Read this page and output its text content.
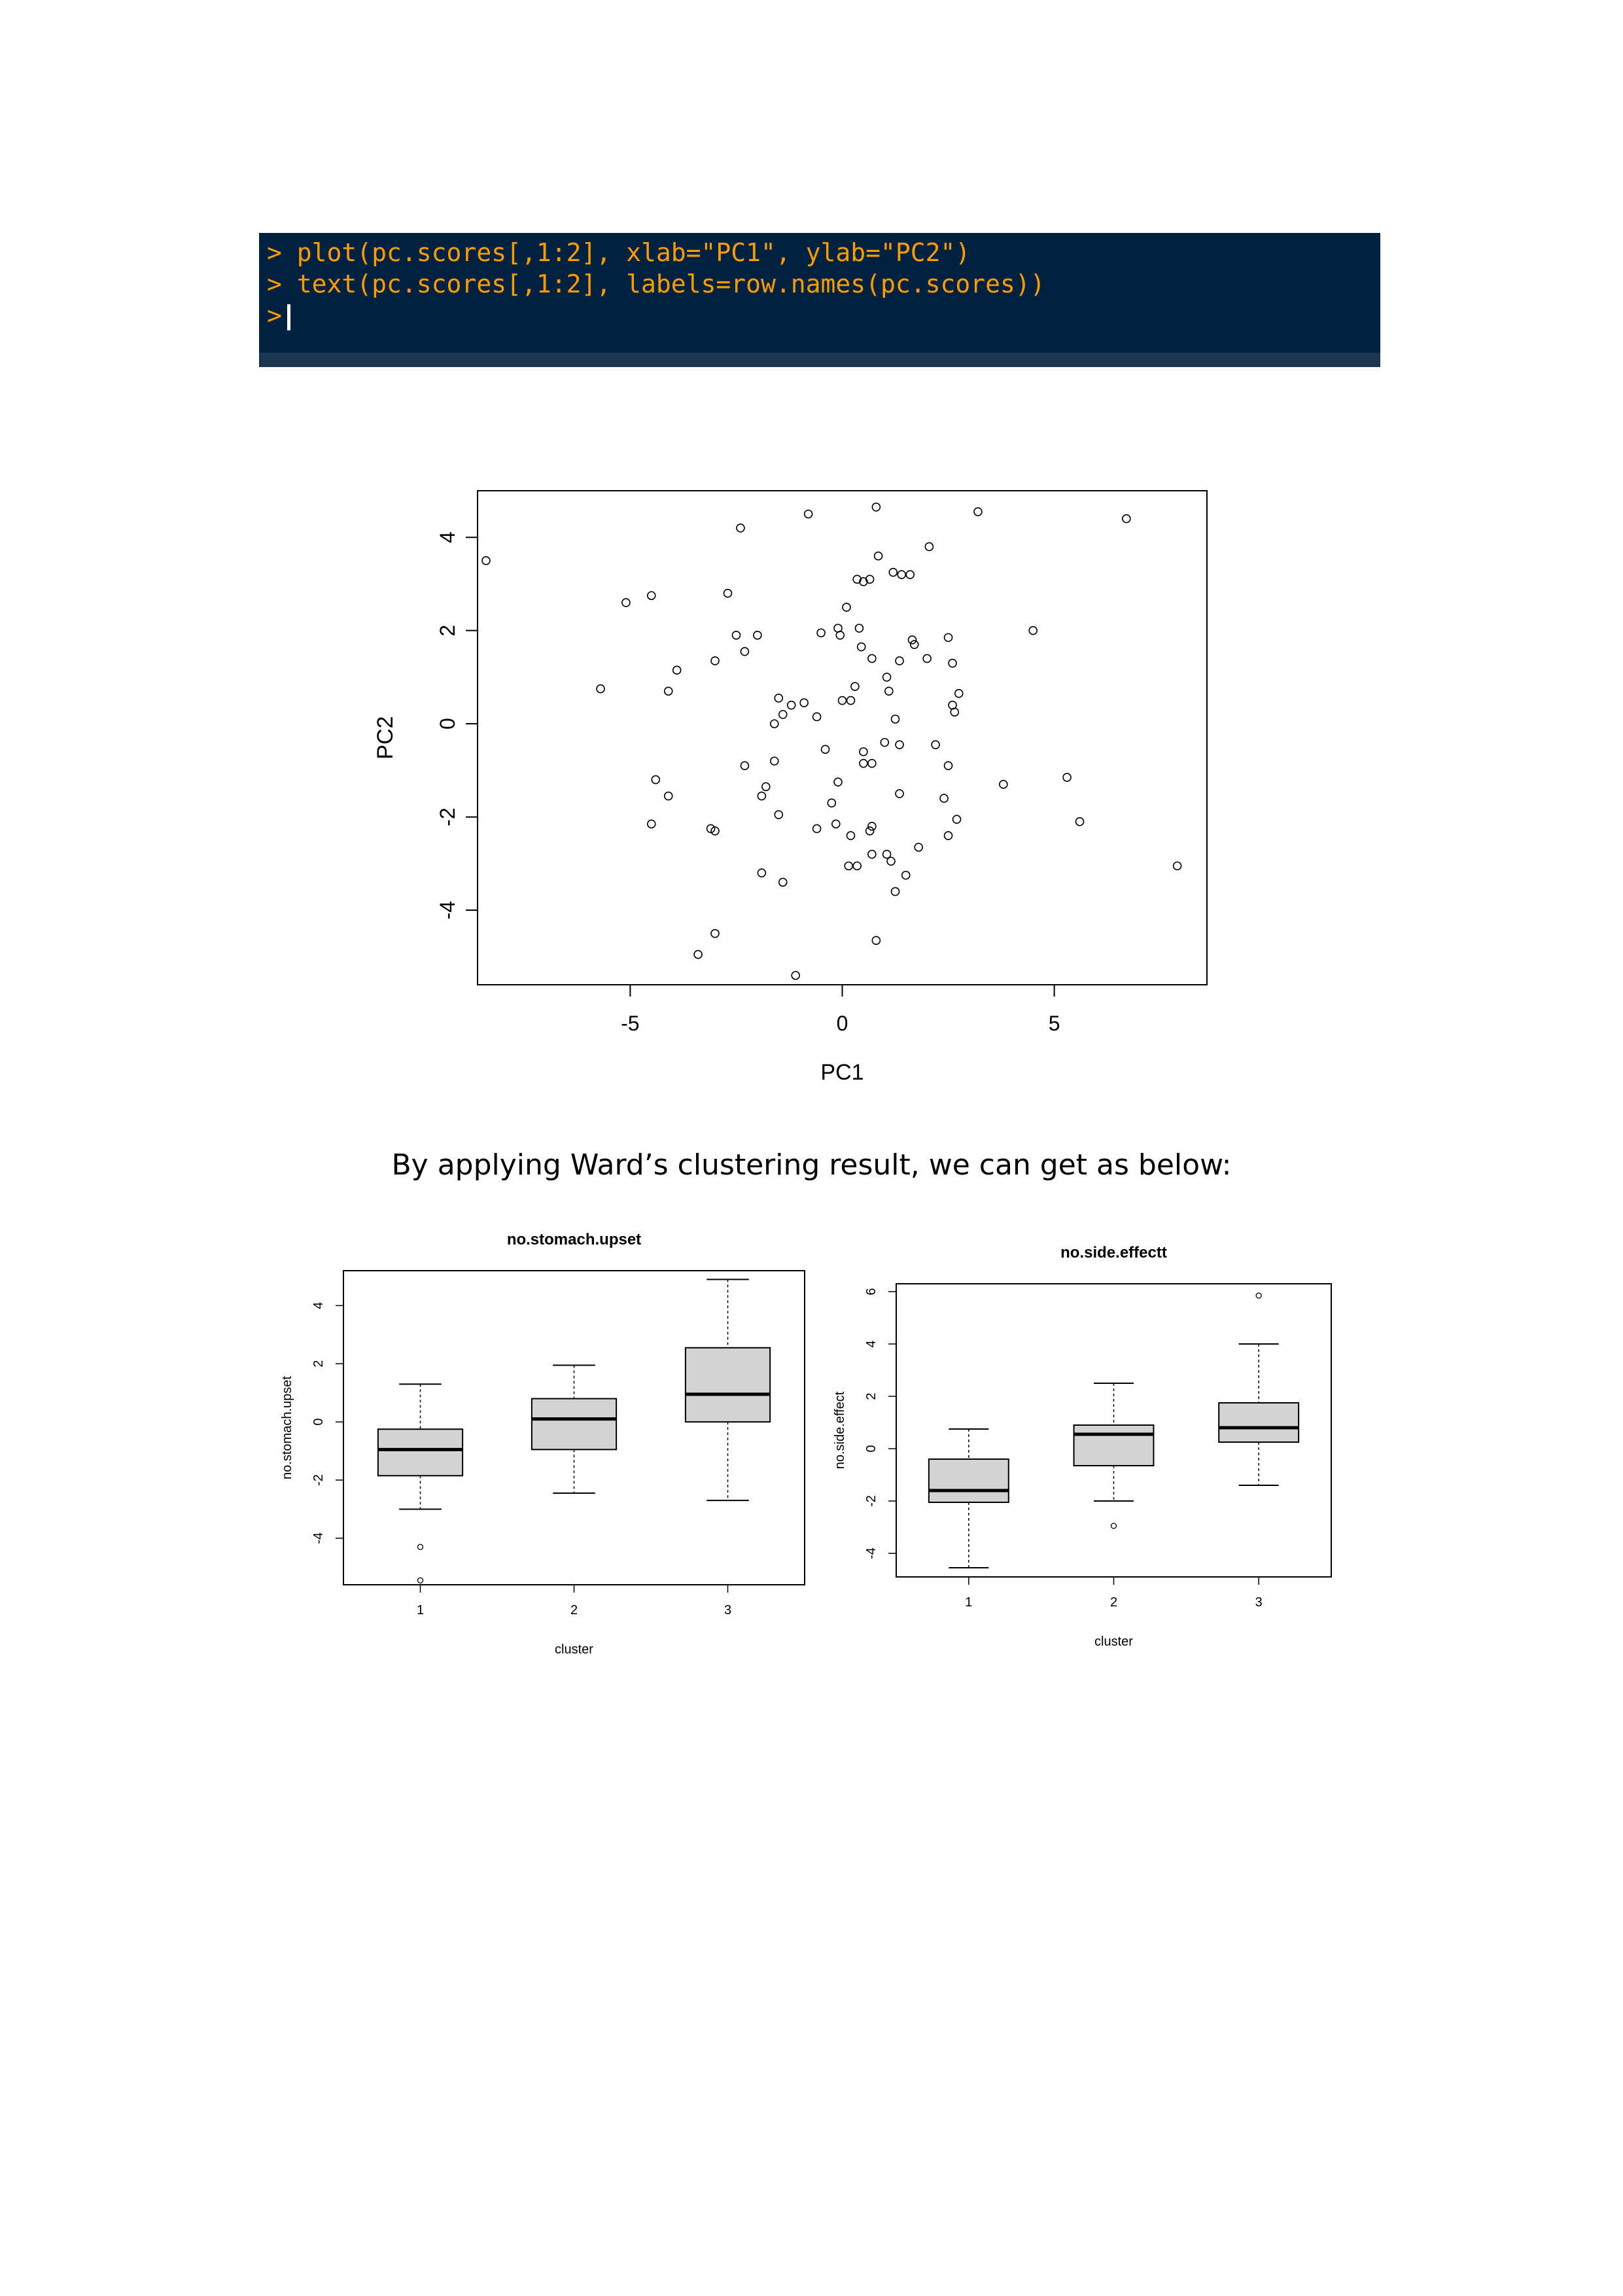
> plot(pc.scores[,1:2], xlab="PC1", ylab="PC2")
> text(pc.scores[,1:2], labels=row.names(pc.scores))
>
-5	0	5
-4
-2
0
2
4
PC1
PC2
By applying Ward’s clustering result, we can get as below:
no.stomach.upset
1	2	3
-4
-2
0
2
4
cluster
no.stomach.upset
no.side.effectt
1	2	3
-4
-2
0
2
4
6
cluster
no.side.effect
